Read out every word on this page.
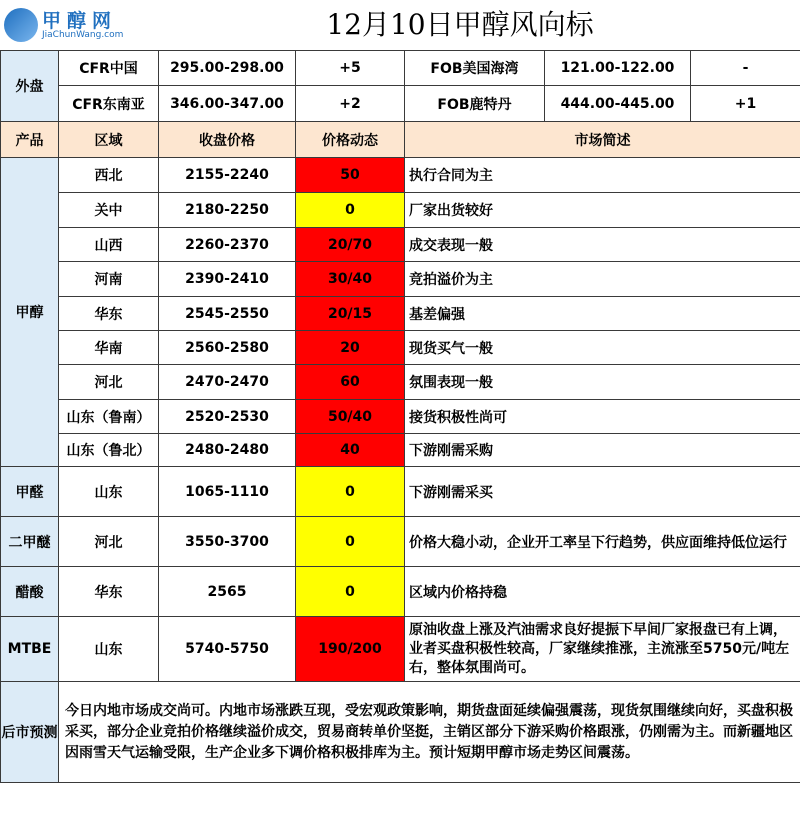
甲醇网
JiaChunWang.com	12月10日甲醇风向标
外盘	CFR中国	295.00-298.00	+5	FOB美国海湾	121.00-122.00	-
	CFR东南亚	346.00-347.00	+2	FOB鹿特丹	444.00-445.00	+1
产品	区域	收盘价格	价格动态	市场简述		
甲醇	西北	2155-2240	50	执行合同为主		
	关中	2180-2250	0	厂家出货较好		
	山西	2260-2370	20/70	成交表现一般		
	河南	2390-2410	30/40	竞拍溢价为主		
	华东	2545-2550	20/15	基差偏强		
	华南	2560-2580	20	现货买气一般		
	河北	2470-2470	60	氛围表现一般		
	山东（鲁南）	2520-2530	50/40	接货积极性尚可		
	山东（鲁北）	2480-2480	40	下游刚需采购		
甲醛	山东	1065-1110	0	下游刚需采买		
二甲醚	河北	3550-3700	0	价格大稳小动，企业开工率呈下行趋势，供应面维持低位运行		
醋酸	华东	2565	0	区域内价格持稳		
MTBE	山东	5740-5750	190/200	原油收盘上涨及汽油需求良好提振下早间厂家报盘已有上调，业者买盘积极性较高，厂家继续推涨，主流涨至5750元/吨左右，整体氛围尚可。		
后市预测	今日内地市场成交尚可。内地市场涨跌互现，受宏观政策影响，期货盘面延续偏强震荡，现货氛围继续向好，买盘积极采买，部分企业竞拍价格继续溢价成交，贸易商转单价坚挺，主销区部分下游采购价格跟涨，仍刚需为主。而新疆地区因雨雪天气运输受限，生产企业多下调价格积极排库为主。预计短期甲醇市场走势区间震荡。					
